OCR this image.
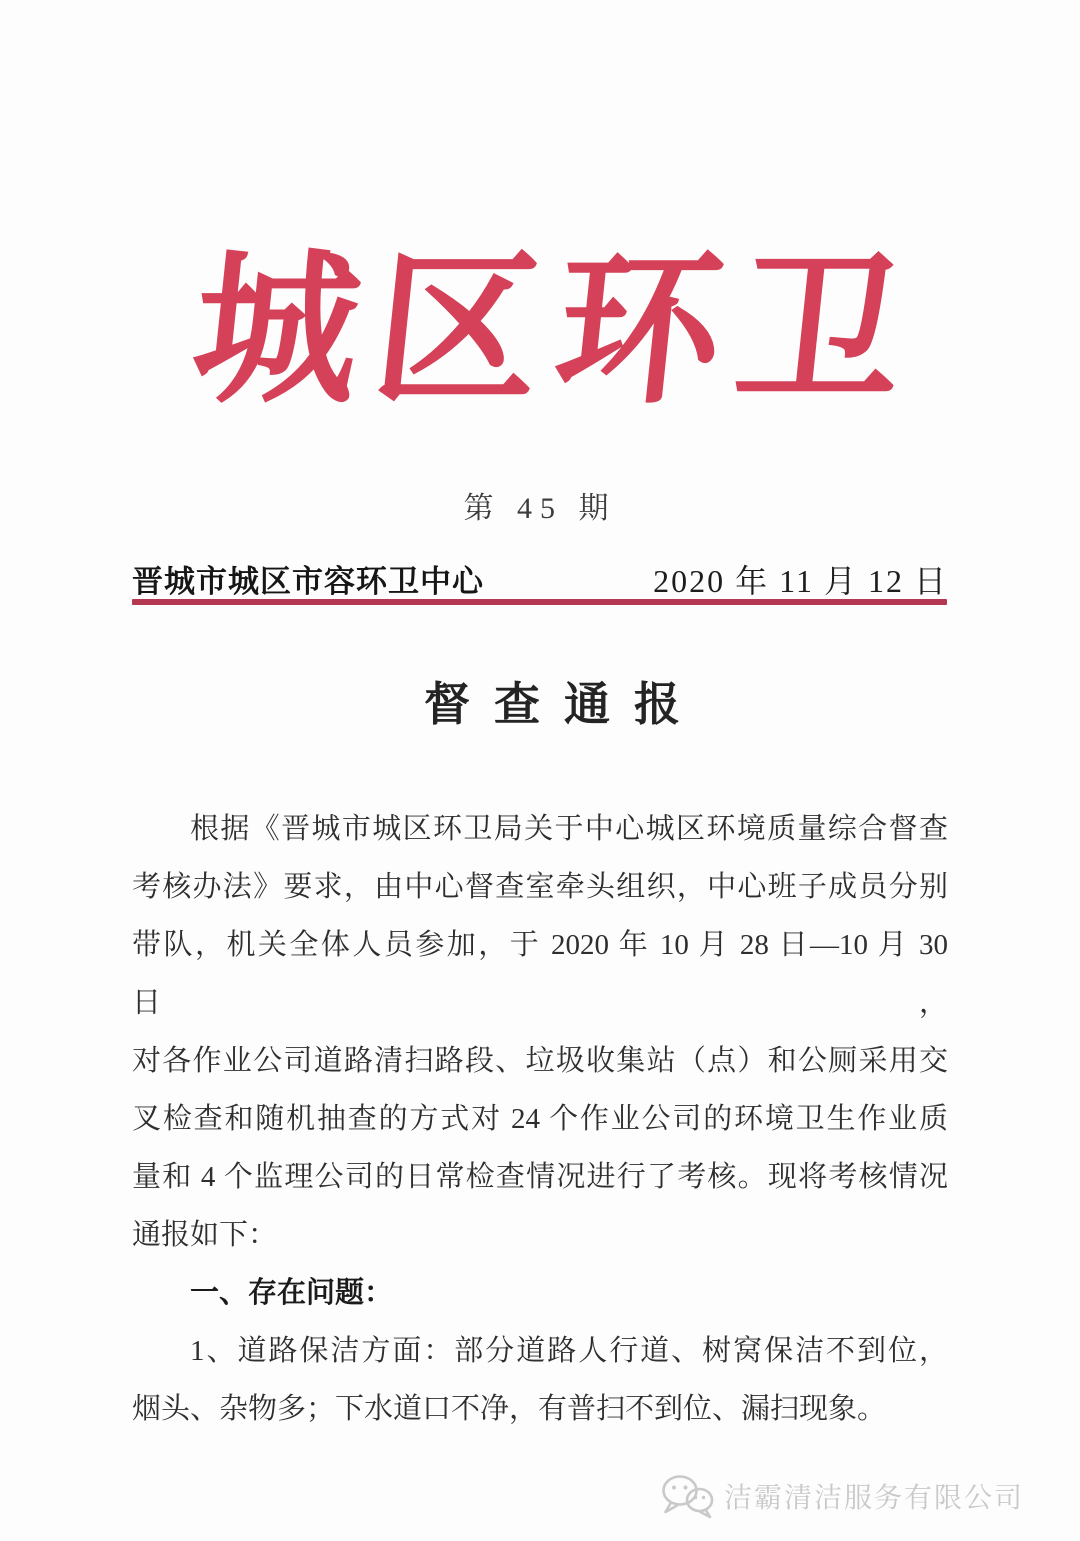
城区环卫
第 45 期
晋城市城区市容环卫中心	2020 年 11 月 12 日
督查通报
根据《晋城市城区环卫局关于中心城区环境质量综合督查
考核办法》要求，由中心督查室牵头组织，中心班子成员分别
带队，机关全体人员参加，于 2020 年 10 月 28 日—10 月 30 日，
对各作业公司道路清扫路段、垃圾收集站（点）和公厕采用交
叉检查和随机抽查的方式对 24 个作业公司的环境卫生作业质
量和 4 个监理公司的日常检查情况进行了考核。现将考核情况
通报如下：
一、存在问题：
1、道路保洁方面：部分道路人行道、树窝保洁不到位，
烟头、杂物多；下水道口不净，有普扫不到位、漏扫现象。
洁霸清洁服务有限公司
